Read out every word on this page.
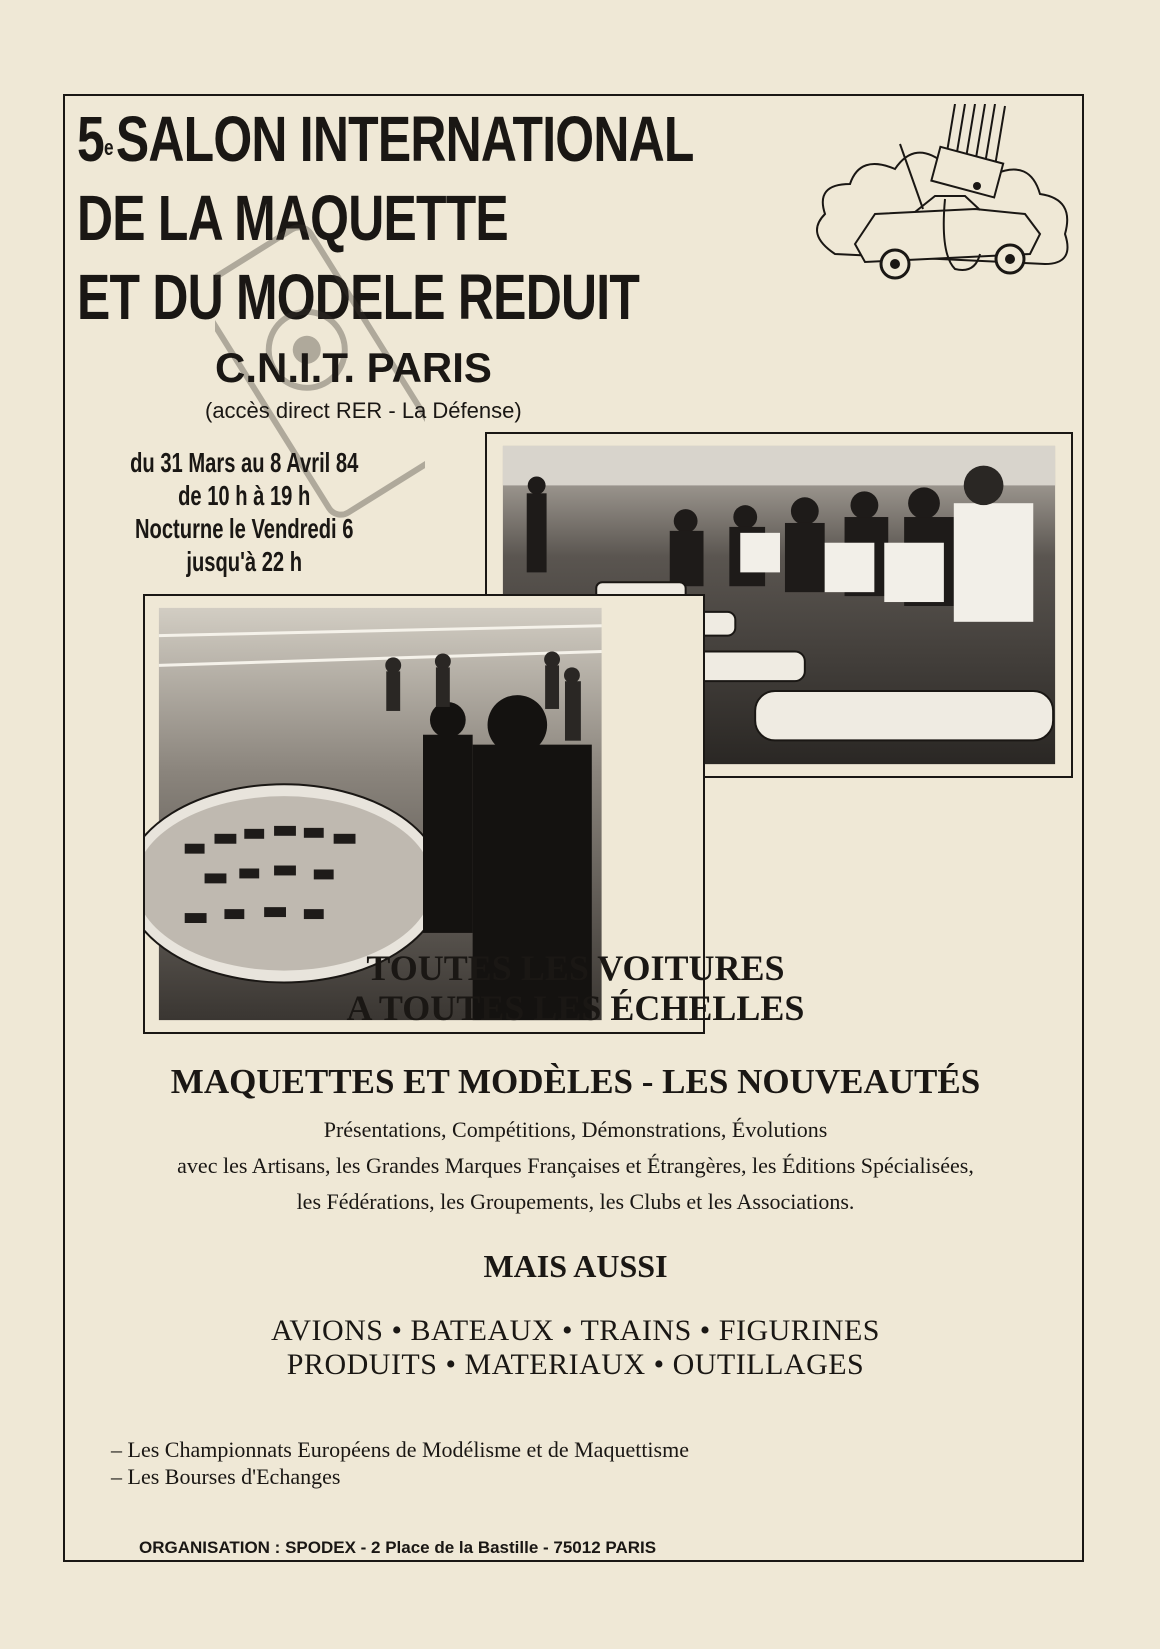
5eSALON INTERNATIONAL
DE LA MAQUETTE
ET DU MODELE REDUIT
C.N.I.T. PARIS
(accès direct RER - La Défense)
du 31 Mars au 8 Avril 84
de 10 h à 19 h
Nocturne le Vendredi 6
jusqu'à 22 h
TOUTES LES VOITURES
A TOUTES LES ÉCHELLES
MAQUETTES ET MODÈLES - LES NOUVEAUTÉS
Présentations, Compétitions, Démonstrations, Évolutions
avec les Artisans, les Grandes Marques Françaises et Étrangères, les Éditions Spécialisées,
les Fédérations, les Groupements, les Clubs et les Associations.
MAIS AUSSI
AVIONS • BATEAUX • TRAINS • FIGURINES
PRODUITS • MATERIAUX • OUTILLAGES
– Les Championnats Européens de Modélisme et de Maquettisme
– Les Bourses d'Echanges
ORGANISATION : SPODEX - 2 Place de la Bastille - 75012 PARIS
